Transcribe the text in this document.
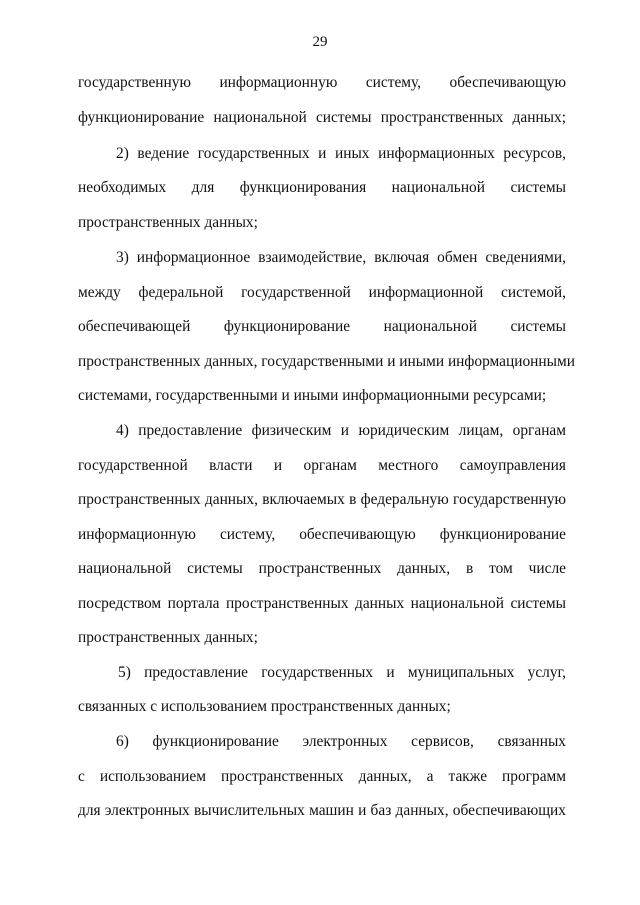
29
государственную информационную систему, обеспечивающую
функционирование национальной системы пространственных данных;
2) ведение государственных и иных информационных ресурсов,
необходимых для функционирования национальной системы
пространственных данных;
3) информационное взаимодействие, включая обмен сведениями,
между федеральной государственной информационной системой,
обеспечивающей функционирование национальной системы
пространственных данных, государственными и иными информационными
системами, государственными и иными информационными ресурсами;
4) предоставление физическим и юридическим лицам, органам
государственной власти и органам местного самоуправления
пространственных данных, включаемых в федеральную государственную
информационную систему, обеспечивающую функционирование
национальной системы пространственных данных, в том числе
посредством портала пространственных данных национальной системы
пространственных данных;
5) предоставление государственных и муниципальных услуг,
связанных с использованием пространственных данных;
6) функционирование электронных сервисов, связанных
с использованием пространственных данных, а также программ
для электронных вычислительных машин и баз данных, обеспечивающих
